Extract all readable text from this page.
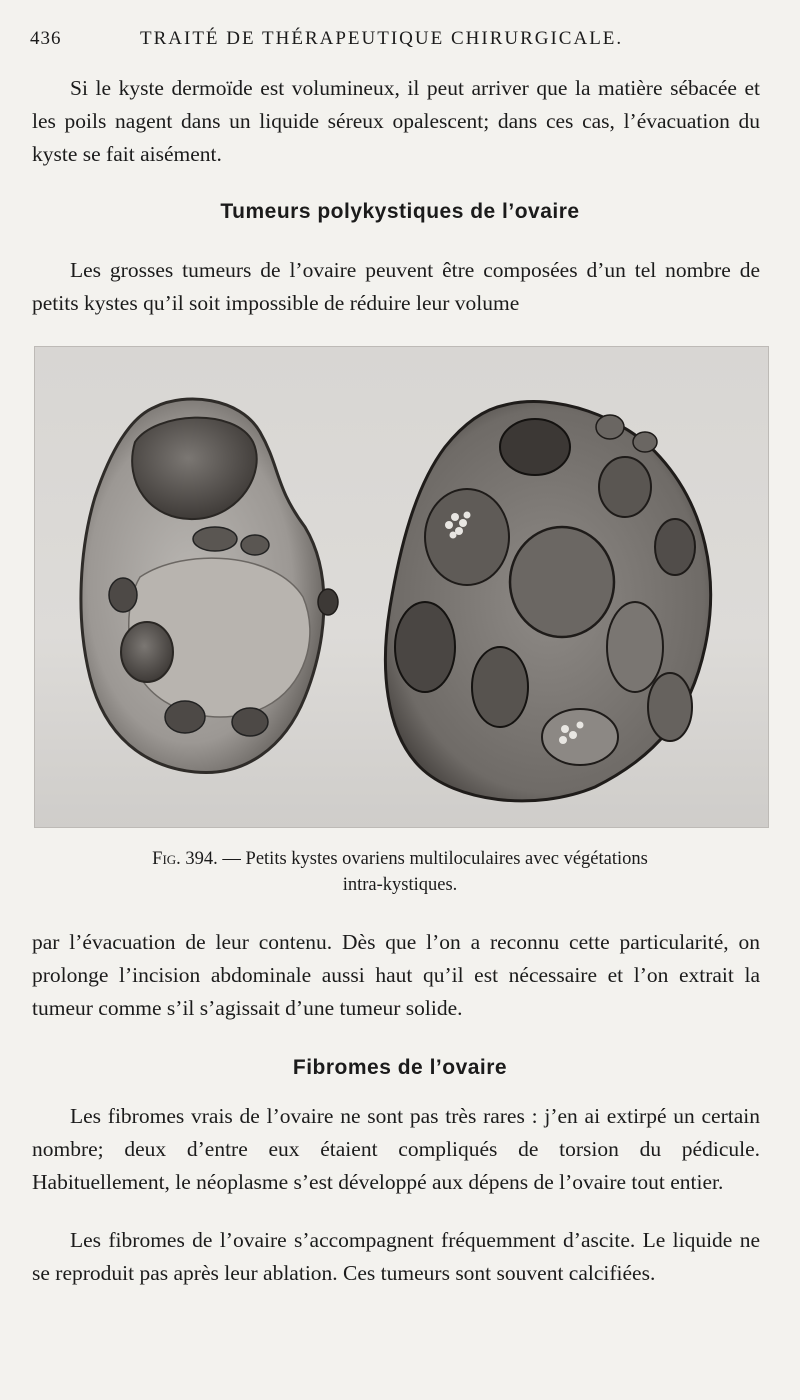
436	TRAITÉ DE THÉRAPEUTIQUE CHIRURGICALE.

Si le kyste dermoïde est volumineux, il peut arriver que la matière sébacée et les poils nagent dans un liquide séreux opalescent; dans ces cas, l’évacuation du kyste se fait aisément.

Tumeurs polykystiques de l’ovaire

Les grosses tumeurs de l’ovaire peuvent être composées d’un tel nombre de petits kystes qu’il soit impossible de réduire leur volume

Fig. 394. — Petits kystes ovariens multiloculaires avec végétations
intra-kystiques.

par l’évacuation de leur contenu. Dès que l’on a reconnu cette particularité, on prolonge l’incision abdominale aussi haut qu’il est nécessaire et l’on extrait la tumeur comme s’il s’agissait d’une tumeur solide.

Fibromes de l’ovaire

Les fibromes vrais de l’ovaire ne sont pas très rares : j’en ai extirpé un certain nombre; deux d’entre eux étaient compliqués de torsion du pédicule. Habituellement, le néoplasme s’est développé aux dépens de l’ovaire tout entier.

Les fibromes de l’ovaire s’accompagnent fréquemment d’ascite. Le liquide ne se reproduit pas après leur ablation. Ces tumeurs sont souvent calcifiées.
